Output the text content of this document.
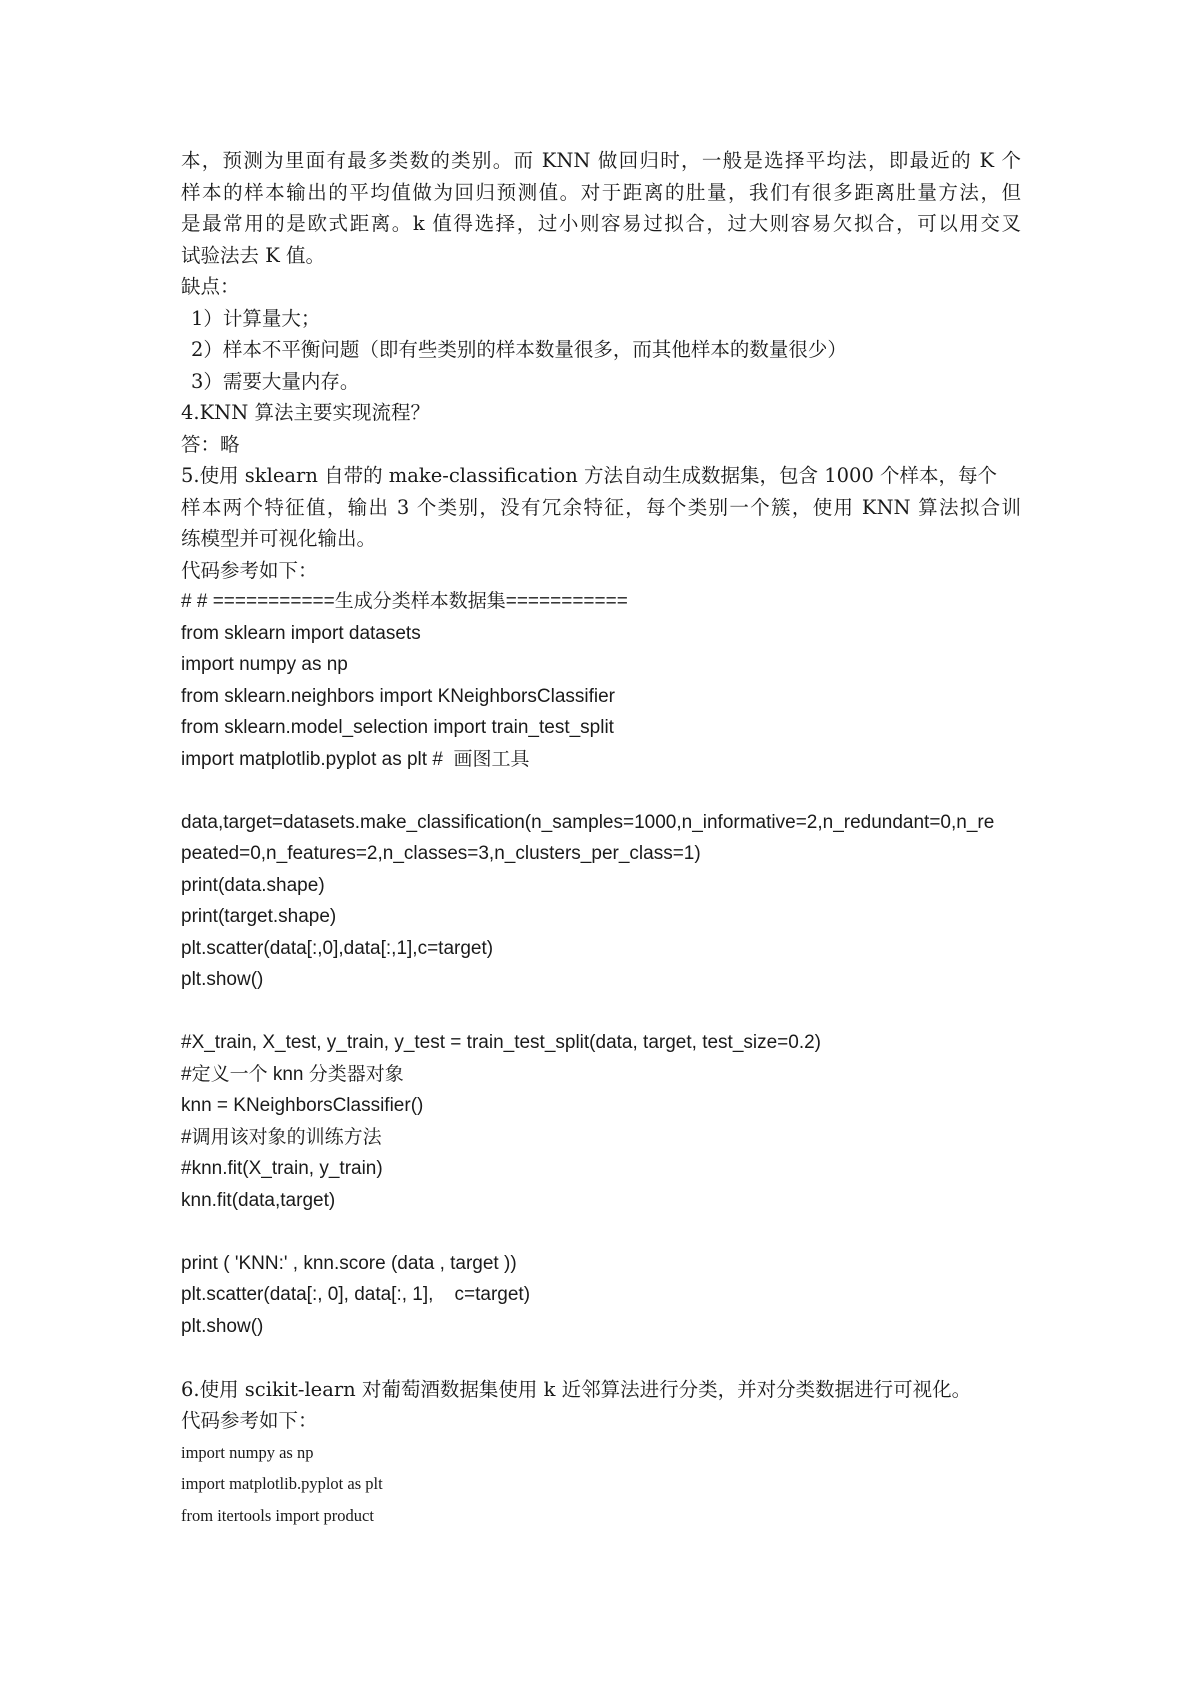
本，预测为里面有最多类数的类别。而 KNN 做回归时，一般是选择平均法，即最近的 K 个
样本的样本输出的平均值做为回归预测值。对于距离的肚量，我们有很多距离肚量方法，但
是最常用的是欧式距离。k 值得选择，过小则容易过拟合，过大则容易欠拟合，可以用交叉
试验法去 K 值。
缺点：
1）计算量大；
2）样本不平衡问题（即有些类别的样本数量很多，而其他样本的数量很少）
3）需要大量内存。
4.KNN 算法主要实现流程？
答：略
5.使用 sklearn 自带的 make-classification 方法自动生成数据集，包含 1000 个样本，每个
样本两个特征值，输出 3 个类别，没有冗余特征，每个类别一个簇，使用 KNN 算法拟合训
练模型并可视化输出。
代码参考如下：
# # ===========生成分类样本数据集===========
from sklearn import datasets
import numpy as np
from sklearn.neighbors import KNeighborsClassifier
from sklearn.model_selection import train_test_split
import matplotlib.pyplot as plt #  画图工具
data,target=datasets.make_classification(n_samples=1000,n_informative=2,n_redundant=0,n_re
peated=0,n_features=2,n_classes=3,n_clusters_per_class=1)
print(data.shape)
print(target.shape)
plt.scatter(data[:,0],data[:,1],c=target)
plt.show()
#X_train, X_test, y_train, y_test = train_test_split(data, target, test_size=0.2)
#定义一个 knn 分类器对象
knn = KNeighborsClassifier()
#调用该对象的训练方法
#knn.fit(X_train, y_train)
knn.fit(data,target)
print ( 'KNN:' , knn.score (data , target ))
plt.scatter(data[:, 0], data[:, 1],    c=target)
plt.show()
6.使用 scikit-learn 对葡萄酒数据集使用 k 近邻算法进行分类，并对分类数据进行可视化。
代码参考如下：
import numpy as np
import matplotlib.pyplot as plt
from itertools import product
